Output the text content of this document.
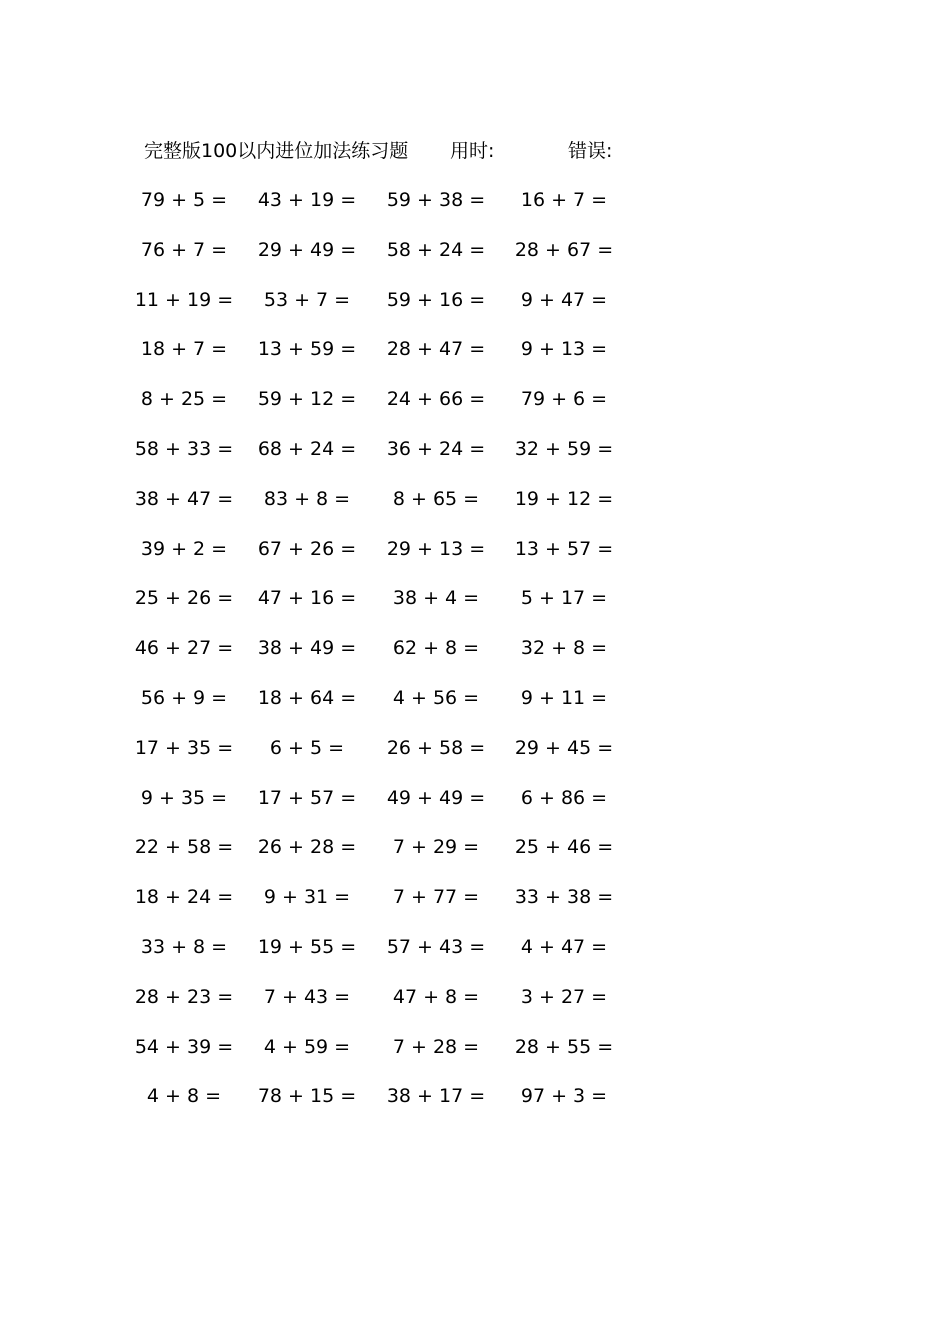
完整版100以内进位加法练习题 用时:	错误:
79 + 5 = 43 + 19 = 59 + 38 = 16 + 7 =
76 + 7 = 29 + 49 = 58 + 24 = 28 + 67 =
11 + 19 = 53 + 7 = 59 + 16 = 9 + 47 =
18 + 7 = 13 + 59 = 28 + 47 = 9 + 13 =
8 + 25 = 59 + 12 = 24 + 66 = 79 + 6 =
58 + 33 = 68 + 24 = 36 + 24 = 32 + 59 =
38 + 47 = 83 + 8 = 8 + 65 = 19 + 12 =
39 + 2 = 67 + 26 = 29 + 13 = 13 + 57 =
25 + 26 = 47 + 16 = 38 + 4 = 5 + 17 =
46 + 27 = 38 + 49 = 62 + 8 = 32 + 8 =
56 + 9 = 18 + 64 = 4 + 56 = 9 + 11 =
17 + 35 = 6 + 5 = 26 + 58 = 29 + 45 =
9 + 35 = 17 + 57 = 49 + 49 = 6 + 86 =
22 + 58 = 26 + 28 = 7 + 29 = 25 + 46 =
18 + 24 = 9 + 31 = 7 + 77 = 33 + 38 =
33 + 8 = 19 + 55 = 57 + 43 = 4 + 47 =
28 + 23 = 7 + 43 = 47 + 8 = 3 + 27 =
54 + 39 = 4 + 59 = 7 + 28 = 28 + 55 =
4 + 8 = 78 + 15 = 38 + 17 = 97 + 3 =
